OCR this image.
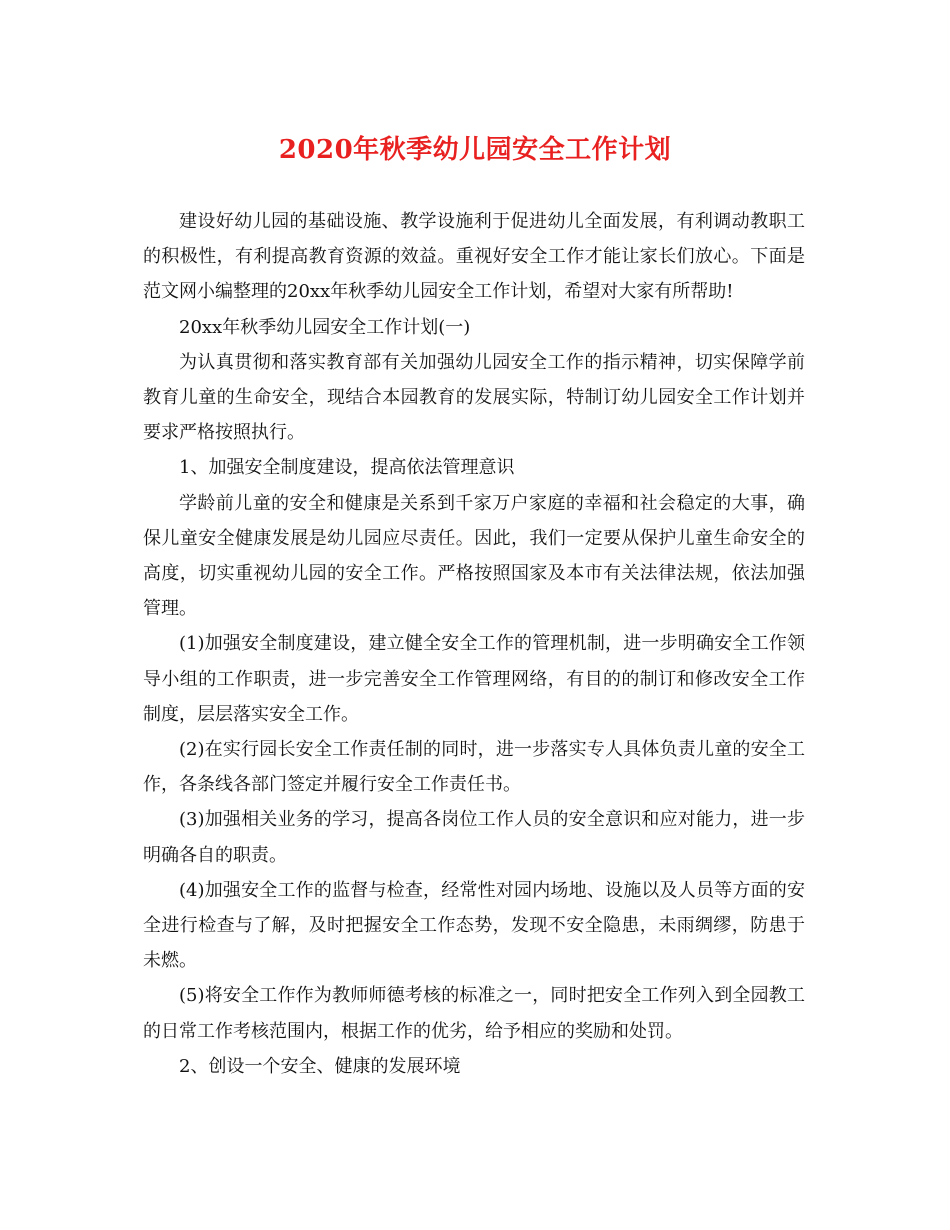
2020年秋季幼儿园安全工作计划

建设好幼儿园的基础设施、教学设施利于促进幼儿全面发展，有利调动教职工的积极性，有利提高教育资源的效益。重视好安全工作才能让家长们放心。下面是范文网小编整理的20xx年秋季幼儿园安全工作计划，希望对大家有所帮助!

20xx年秋季幼儿园安全工作计划(一)

为认真贯彻和落实教育部有关加强幼儿园安全工作的指示精神，切实保障学前教育儿童的生命安全，现结合本园教育的发展实际，特制订幼儿园安全工作计划并要求严格按照执行。

1、加强安全制度建设，提高依法管理意识

学龄前儿童的安全和健康是关系到千家万户家庭的幸福和社会稳定的大事，确保儿童安全健康发展是幼儿园应尽责任。因此，我们一定要从保护儿童生命安全的高度，切实重视幼儿园的安全工作。严格按照国家及本市有关法律法规，依法加强管理。

(1)加强安全制度建设，建立健全安全工作的管理机制，进一步明确安全工作领导小组的工作职责，进一步完善安全工作管理网络，有目的的制订和修改安全工作制度，层层落实安全工作。

(2)在实行园长安全工作责任制的同时，进一步落实专人具体负责儿童的安全工作，各条线各部门签定并履行安全工作责任书。

(3)加强相关业务的学习，提高各岗位工作人员的安全意识和应对能力，进一步明确各自的职责。

(4)加强安全工作的监督与检查，经常性对园内场地、设施以及人员等方面的安全进行检查与了解，及时把握安全工作态势，发现不安全隐患，未雨绸缪，防患于未燃。

(5)将安全工作作为教师师德考核的标准之一，同时把安全工作列入到全园教工的日常工作考核范围内，根据工作的优劣，给予相应的奖励和处罚。

2、创设一个安全、健康的发展环境
